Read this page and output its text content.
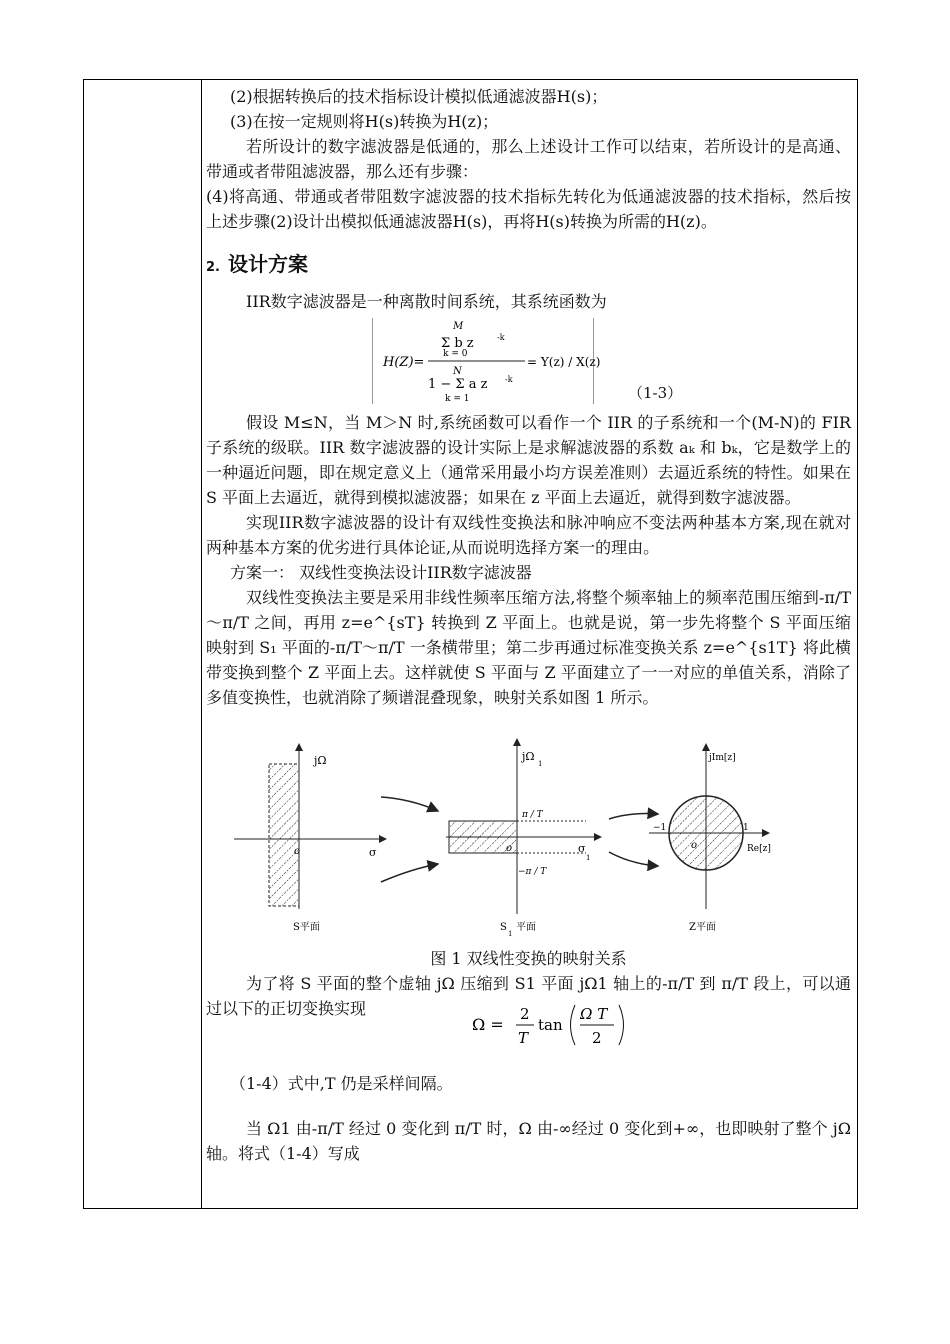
(2)根据转换后的技术指标设计模拟低通滤波器H(s)；

(3)在按一定规则将H(s)转换为H(z)；

若所设计的数字滤波器是低通的，那么上述设计工作可以结束，若所设计的是高通、带通或者带阻滤波器，那么还有步骤：

(4)将高通、带通或者带阻数字滤波器的技术指标先转化为低通滤波器的技术指标，然后按上述步骤(2)设计出模拟低通滤波器H(s)，再将H(s)转换为所需的H(z)。

2. 设计方案

IIR数字滤波器是一种离散时间系统，其系统函数为

H(Z)=
M
Σ b z	-k
k = 0
N
1 − Σ a z -k
k = 1
= Y(z) / X(z)
（1-3）

假设 M≤N，当 M＞N 时,系统函数可以看作一个 IIR 的子系统和一个(M-N)的 FIR 子系统的级联。IIR 数字滤波器的设计实际上是求解滤波器的系数 aₖ 和 bₖ，它是数学上的一种逼近问题，即在规定意义上（通常采用最小均方误差准则）去逼近系统的特性。如果在S 平面上去逼近，就得到模拟滤波器；如果在 z 平面上去逼近，就得到数字滤波器。

实现IIR数字滤波器的设计有双线性变换法和脉冲响应不变法两种基本方案,现在就对两种基本方案的优劣进行具体论证,从而说明选择方案一的理由。

方案一： 双线性变换法设计IIR数字滤波器

双线性变换法主要是采用非线性频率压缩方法,将整个频率轴上的频率范围压缩到-π/T～π/T 之间，再用 z=e^{sT} 转换到 Z 平面上。也就是说，第一步先将整个 S 平面压缩映射到 S₁ 平面的-π/T～π/T 一条横带里；第二步再通过标准变换关系 z=e^{s1T} 将此横带变换到整个 Z 平面上去。这样就使 S 平面与 Z 平面建立了一一对应的单值关系，消除了多值变换性，也就消除了频谱混叠现象，映射关系如图 1 所示。

jΩ
σ
o
S平面
jΩ
1
π / T
−π / T
σ
1
o
S
1
平面
jIm[z]
Re[z]
−1	1
o
Z平面

图 1 双线性变换的映射关系

为了将 S 平面的整个虚轴 jΩ 压缩到 S1 平面 jΩ1 轴上的-π/T 到 π/T 段上，可以通过以下的正切变换实现

Ω =
2
T
tan
Ω T
2

（1-4）式中,T 仍是采样间隔。

当 Ω1 由-π/T 经过 0 变化到 π/T 时，Ω 由-∞经过 0 变化到+∞，也即映射了整个 jΩ 轴。将式（1-4）写成
